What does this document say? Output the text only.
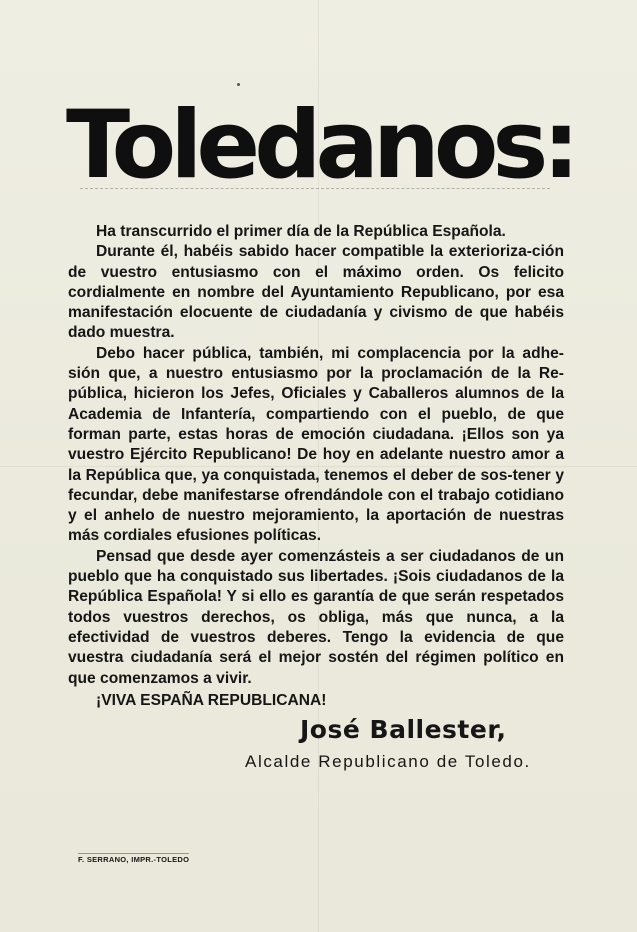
Toledanos:

Ha transcurrido el primer día de la República Española.

Durante él, habéis sabido hacer compatible la exterioriza-ción de vuestro entusiasmo con el máximo orden. Os felicito cordialmente en nombre del Ayuntamiento Republicano, por esa manifestación elocuente de ciudadanía y civismo de que habéis dado muestra.

Debo hacer pública, también, mi complacencia por la adhe-sión que, a nuestro entusiasmo por la proclamación de la Re-pública, hicieron los Jefes, Oficiales y Caballeros alumnos de la Academia de Infantería, compartiendo con el pueblo, de que forman parte, estas horas de emoción ciudadana. ¡Ellos son ya vuestro Ejército Republicano! De hoy en adelante nuestro amor a la República que, ya conquistada, tenemos el deber de sos-tener y fecundar, debe manifestarse ofrendándole con el trabajo cotidiano y el anhelo de nuestro mejoramiento, la aportación de nuestras más cordiales efusiones políticas.

Pensad que desde ayer comenzásteis a ser ciudadanos de un pueblo que ha conquistado sus libertades. ¡Sois ciudadanos de la República Española! Y si ello es garantía de que serán respetados todos vuestros derechos, os obliga, más que nunca, a la efectividad de vuestros deberes. Tengo la evidencia de que vuestra ciudadanía será el mejor sostén del régimen político en que comenzamos a vivir.

¡VIVA ESPAÑA REPUBLICANA!

José Ballester,
Alcalde Republicano de Toledo.
F. SERRANO, IMPR.-TOLEDO
